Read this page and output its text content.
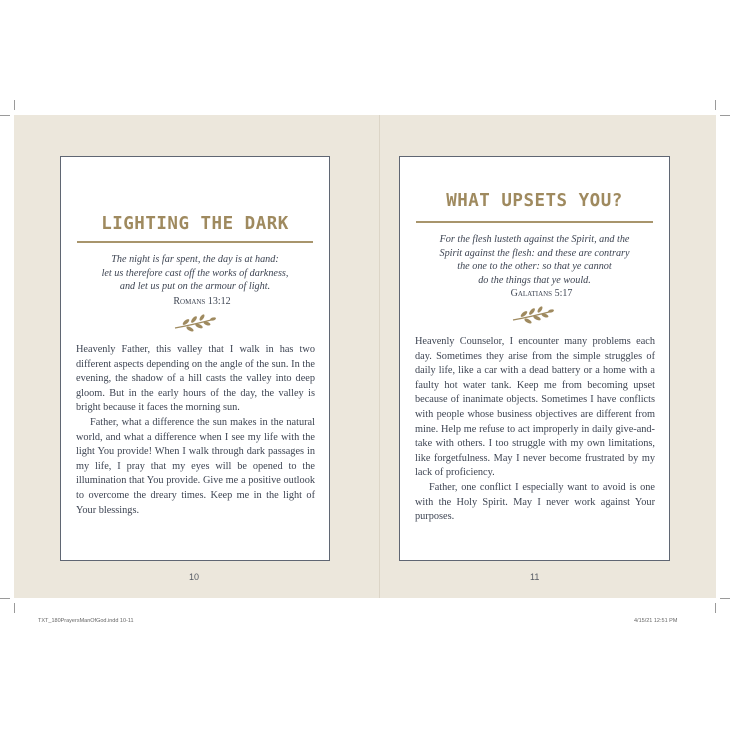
LIGHTING THE DARK
The night is far spent, the day is at hand:
let us therefore cast off the works of darkness,
and let us put on the armour of light.
Romans 13:12

Heavenly Father, this valley that I walk in has two different aspects depending on the angle of the sun. In the evening, the shadow of a hill casts the valley into deep gloom. But in the early hours of the day, the valley is bright because it faces the morning sun.

Father, what a difference the sun makes in the natural world, and what a difference when I see my life with the light You provide! When I walk through dark passages in my life, I pray that my eyes will be opened to the illumination that You provide. Give me a positive outlook to overcome the dreary times. Keep me in the light of Your blessings.

10
WHAT UPSETS YOU?
For the flesh lusteth against the Spirit, and the
Spirit against the flesh: and these are contrary
the one to the other: so that ye cannot
do the things that ye would.
Galatians 5:17

Heavenly Counselor, I encounter many problems each day. Sometimes they arise from the simple struggles of daily life, like a car with a dead battery or a home with a faulty hot water tank. Keep me from becoming upset because of inanimate objects. Sometimes I have conflicts with people whose business objectives are different from mine. Help me refuse to act improperly in daily give-and-take with others. I too struggle with my own limitations, like forgetfulness. May I never become frustrated by my lack of proficiency.

Father, one conflict I especially want to avoid is one with the Holy Spirit. May I never work against Your purposes.

11
TXT_180PrayersManOfGod.indd 10-11	4/15/21 12:51 PM
